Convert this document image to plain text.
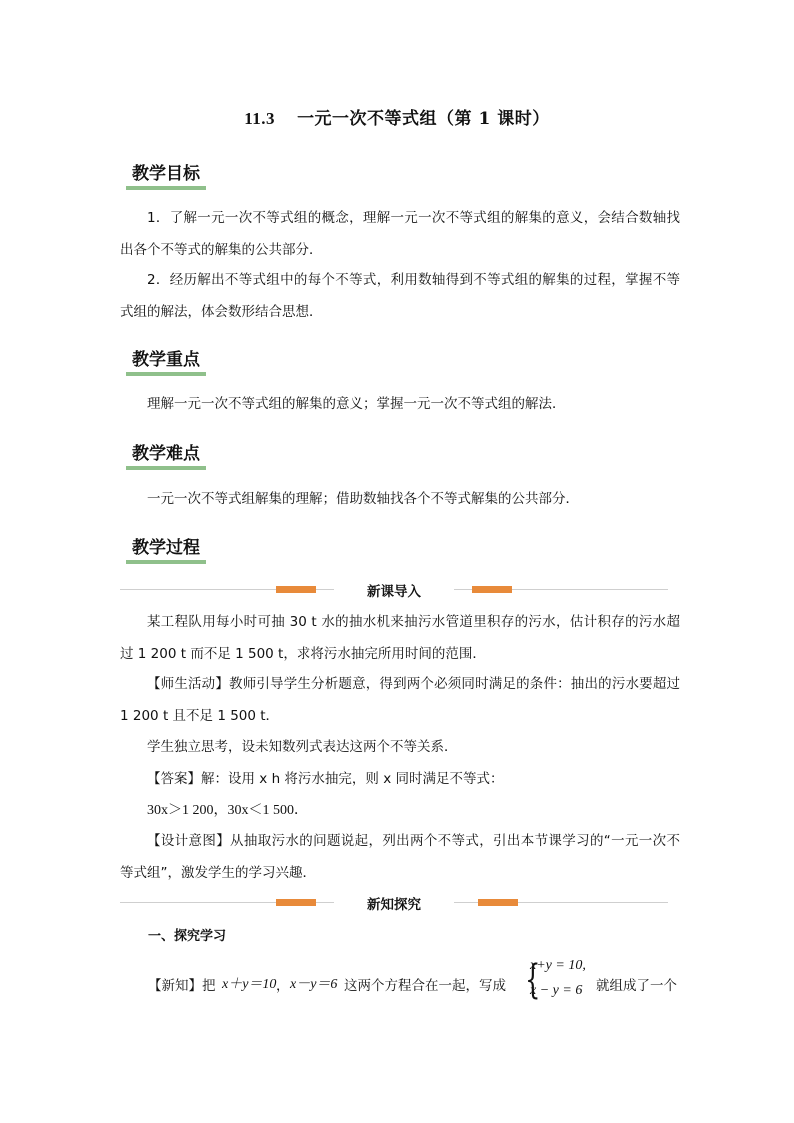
11.3 一元一次不等式组（第 1 课时）
教学目标
1．了解一元一次不等式组的概念，理解一元一次不等式组的解集的意义，会结合数轴找出各个不等式的解集的公共部分．
2．经历解出不等式组中的每个不等式，利用数轴得到不等式组的解集的过程，掌握不等式组的解法，体会数形结合思想．
教学重点
理解一元一次不等式组的解集的意义；掌握一元一次不等式组的解法．
教学难点
一元一次不等式组解集的理解；借助数轴找各个不等式解集的公共部分．
教学过程
新课导入
某工程队用每小时可抽 30 t 水的抽水机来抽污水管道里积存的污水，估计积存的污水超过 1 200 t 而不足 1 500 t，求将污水抽完所用时间的范围．
【师生活动】教师引导学生分析题意，得到两个必须同时满足的条件：抽出的污水要超过 1 200 t 且不足 1 500 t．
学生独立思考，设未知数列式表达这两个不等关系．
【答案】解：设用 x h 将污水抽完，则 x 同时满足不等式：
30x＞1 200，30x＜1 500．
【设计意图】从抽取污水的问题说起，列出两个不等式，引出本节课学习的“一元一次不等式组”，激发学生的学习兴趣．
新知探究
一、探究学习
【新知】把 x＋y＝10 ， x－y＝6 这两个方程合在一起，写成 {
x+y = 10,
x − y = 6 就组成了一个
